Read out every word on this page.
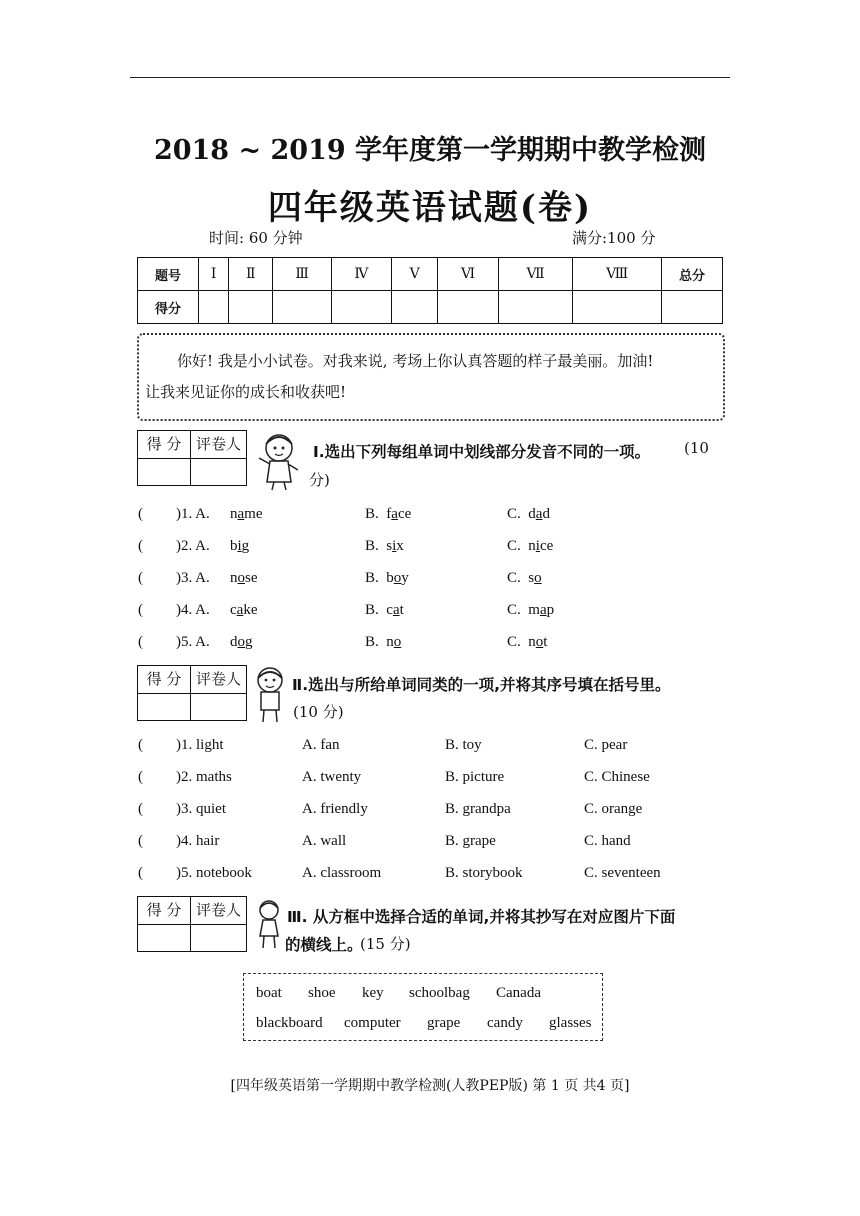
2018 ~ 2019 学年度第一学期期中教学检测
四年级英语试题(卷)
时间: 60 分钟	满分:100 分
题号	I	Ⅱ	Ⅲ	Ⅳ	V	Ⅵ	Ⅶ	Ⅷ	总分
得分									
你好! 我是小小试卷。对我来说, 考场上你认真答题的样子最美丽。加油!
让我来见证你的成长和收获吧!
得 分 评卷人	Ⅰ.选出下列每组单词中划线部分发音不同的一项。 (10
分)
( )1. A. name	B. face	C. dad
( )2. A. big	B. six	C. nice
( )3. A. nose	B. boy	C. so
( )4. A. cake	B. cat	C. map
( )5. A. dog	B. no	C. not
得 分 评卷人	Ⅱ.选出与所给单词同类的一项,并将其序号填在括号里。
(10 分)
( )1. light	A. fan	B. toy	C. pear
( )2. maths	A. twenty	B. picture	C. Chinese
( )3. quiet	A. friendly	B. grandpa	C. orange
( )4. hair	A. wall	B. grape	C. hand
( )5. notebook	A. classroom	B. storybook	C. seventeen
得 分 评卷人	Ⅲ. 从方框中选择合适的单词,并将其抄写在对应图片下面
的横线上。
(15 分)
boat shoe key schoolbag Canada
blackboard computer grape candy glasses
[四年级英语第一学期期中教学检测(人教PEP版) 第 1 页 共4 页]
